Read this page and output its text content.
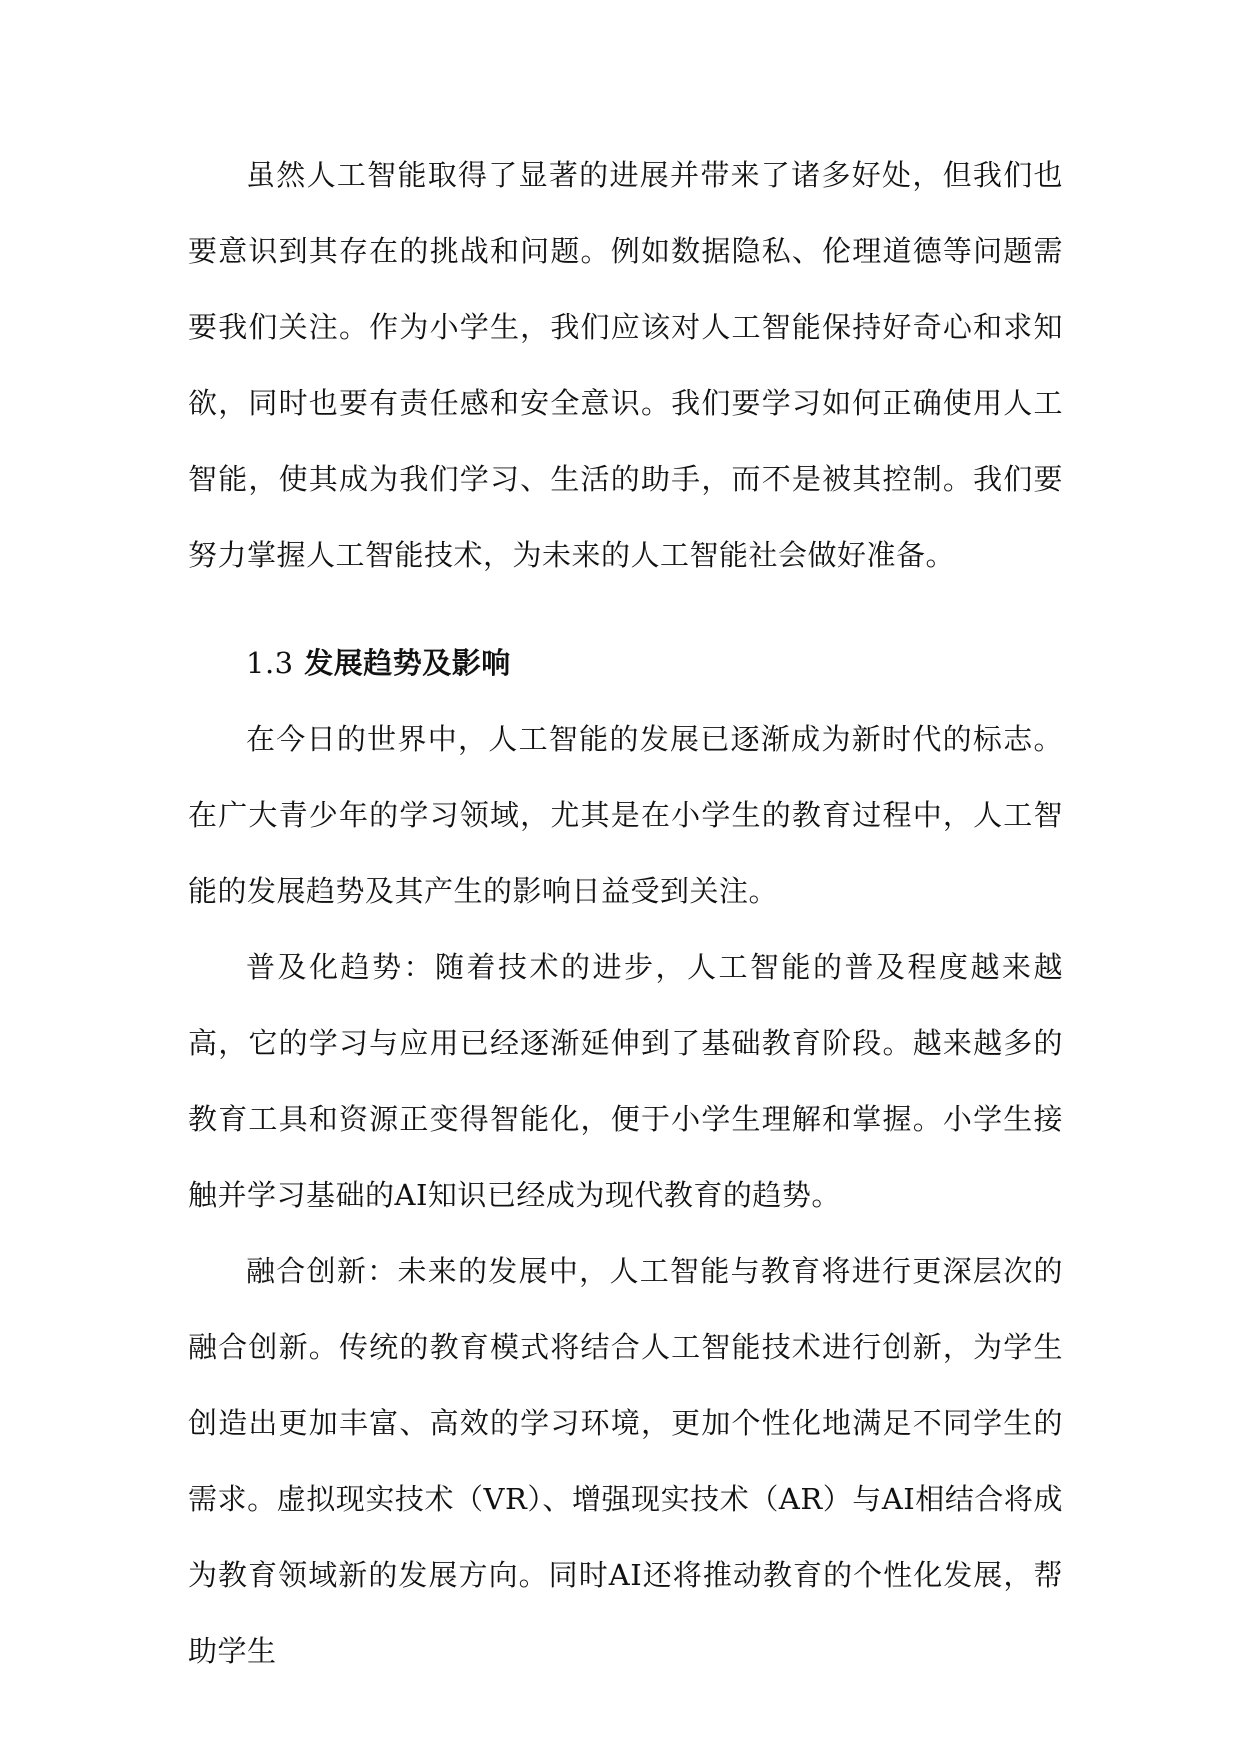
虽然人工智能取得了显著的进展并带来了诸多好处，但我们也要意识到其存在的挑战和问题。例如数据隐私、伦理道德等问题需要我们关注。作为小学生，我们应该对人工智能保持好奇心和求知欲，同时也要有责任感和安全意识。我们要学习如何正确使用人工智能，使其成为我们学习、生活的助手，而不是被其控制。我们要努力掌握人工智能技术，为未来的人工智能社会做好准备。

1.3 发展趋势及影响

在今日的世界中，人工智能的发展已逐渐成为新时代的标志。在广大青少年的学习领域，尤其是在小学生的教育过程中，人工智能的发展趋势及其产生的影响日益受到关注。

普及化趋势：随着技术的进步，人工智能的普及程度越来越高，它的学习与应用已经逐渐延伸到了基础教育阶段。越来越多的教育工具和资源正变得智能化，便于小学生理解和掌握。小学生接触并学习基础的AI知识已经成为现代教育的趋势。

融合创新：未来的发展中，人工智能与教育将进行更深层次的融合创新。传统的教育模式将结合人工智能技术进行创新，为学生创造出更加丰富、高效的学习环境，更加个性化地满足不同学生的需求。虚拟现实技术（VR）、增强现实技术（AR）与AI相结合将成为教育领域新的发展方向。同时AI还将推动教育的个性化发展，帮助学生
